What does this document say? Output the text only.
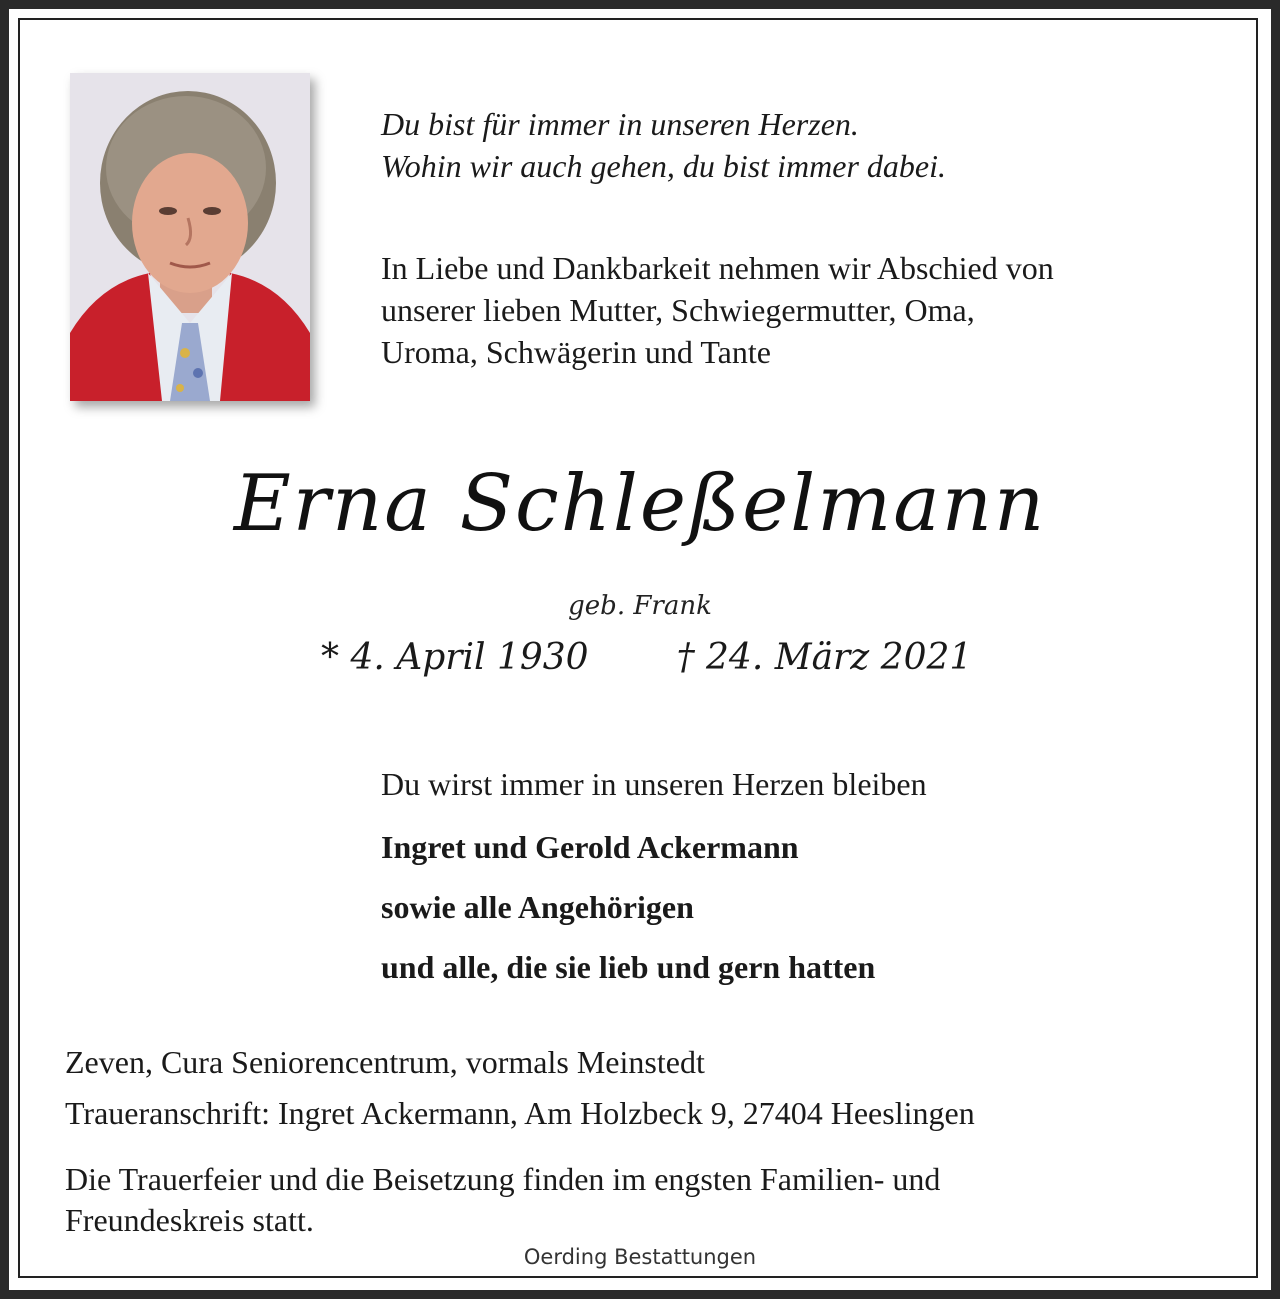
Du bist für immer in unseren Herzen.
Wohin wir auch gehen, du bist immer dabei.
In Liebe und Dankbarkeit nehmen wir Abschied von
unserer lieben Mutter, Schwiegermutter, Oma,
Uroma, Schwägerin und Tante
Erna Schleßelmann
geb. Frank
* 4. April 1930 † 24. März 2021
Du wirst immer in unseren Herzen bleiben
Ingret und Gerold Ackermann
sowie alle Angehörigen
und alle, die sie lieb und gern hatten
Zeven, Cura Seniorencentrum, vormals Meinstedt
Traueranschrift: Ingret Ackermann, Am Holzbeck 9, 27404 Heeslingen
Die Trauerfeier und die Beisetzung finden im engsten Familien- und
Freundeskreis statt.
Oerding Bestattungen
